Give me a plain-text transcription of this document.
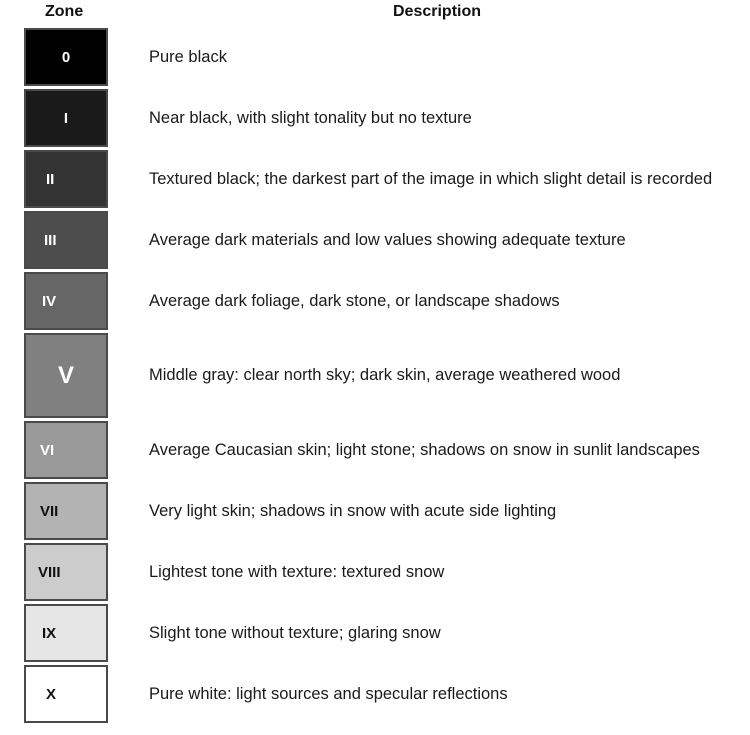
Zone	Description
0	Pure black
I	Near black, with slight tonality but no texture
II	Textured black; the darkest part of the image in which slight detail is recorded
III	Average dark materials and low values showing adequate texture
IV	Average dark foliage, dark stone, or landscape shadows
V	Middle gray: clear north sky; dark skin, average weathered wood
VI	Average Caucasian skin; light stone; shadows on snow in sunlit landscapes
VII	Very light skin; shadows in snow with acute side lighting
VIII	Lightest tone with texture: textured snow
IX	Slight tone without texture; glaring snow
X	Pure white: light sources and specular reflections
